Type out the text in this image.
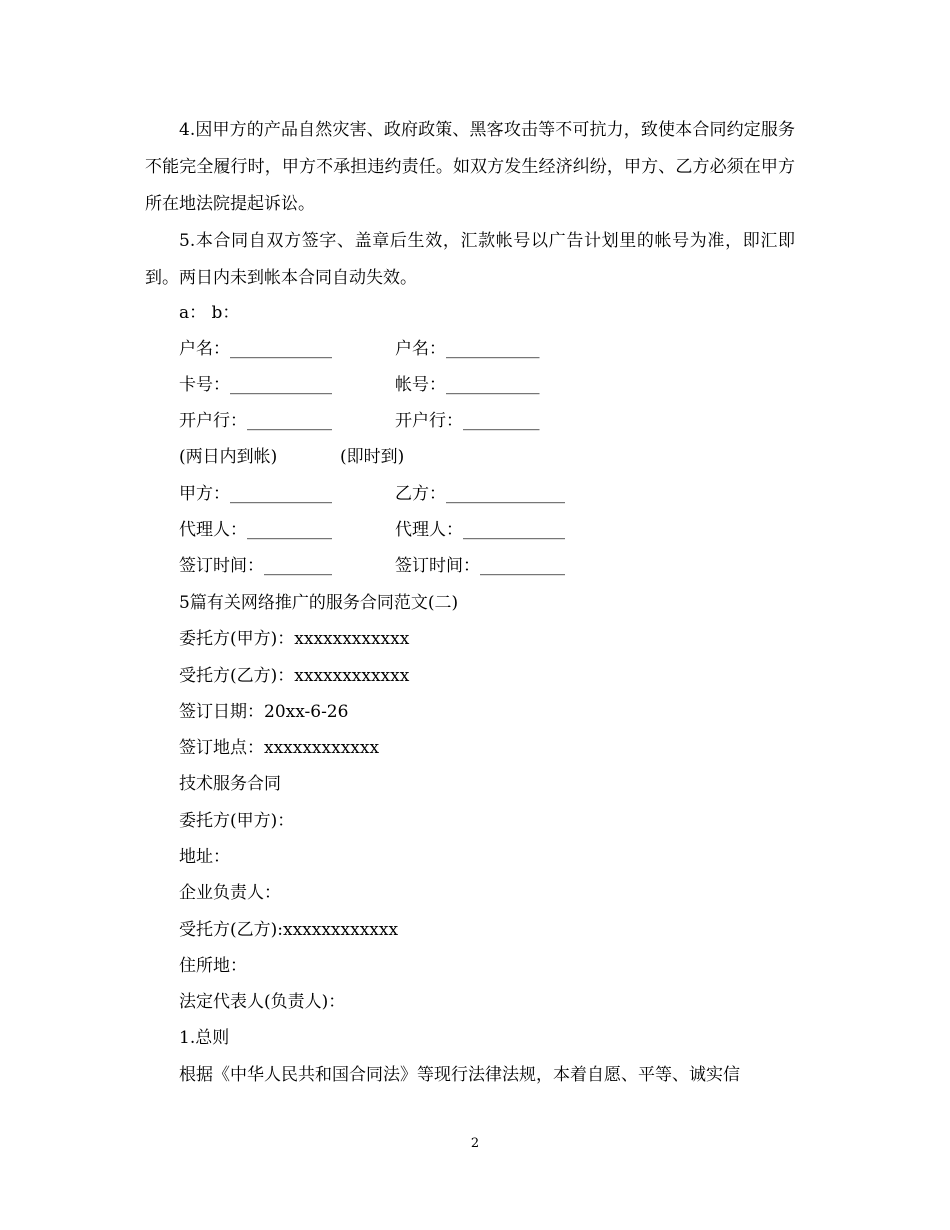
4.因甲方的产品自然灾害、政府政策、黑客攻击等不可抗力，致使本合同约定服务不能完全履行时，甲方不承担违约责任。如双方发生经济纠纷，甲方、乙方必须在甲方所在地法院提起诉讼。

5.本合同自双方签字、盖章后生效，汇款帐号以广告计划里的帐号为准，即汇即到。两日内未到帐本合同自动失效。

a： b：

户名：____________	户名：___________

卡号：____________	帐号：___________

开户行：__________	开户行：_________

(两日内到帐)	(即时到)

甲方：____________	乙方：______________

代理人：__________	代理人：____________

签订时间：________	签订时间：__________

5篇有关网络推广的服务合同范文(二)

委托方(甲方)：xxxxxxxxxxxx

受托方(乙方)：xxxxxxxxxxxx

签订日期：20xx-6-26

签订地点：xxxxxxxxxxxx

技术服务合同

委托方(甲方)：

地址：

企业负责人：

受托方(乙方):xxxxxxxxxxxx

住所地：

法定代表人(负责人)：

1.总则

根据《中华人民共和国合同法》等现行法律法规，本着自愿、平等、诚实信

2
